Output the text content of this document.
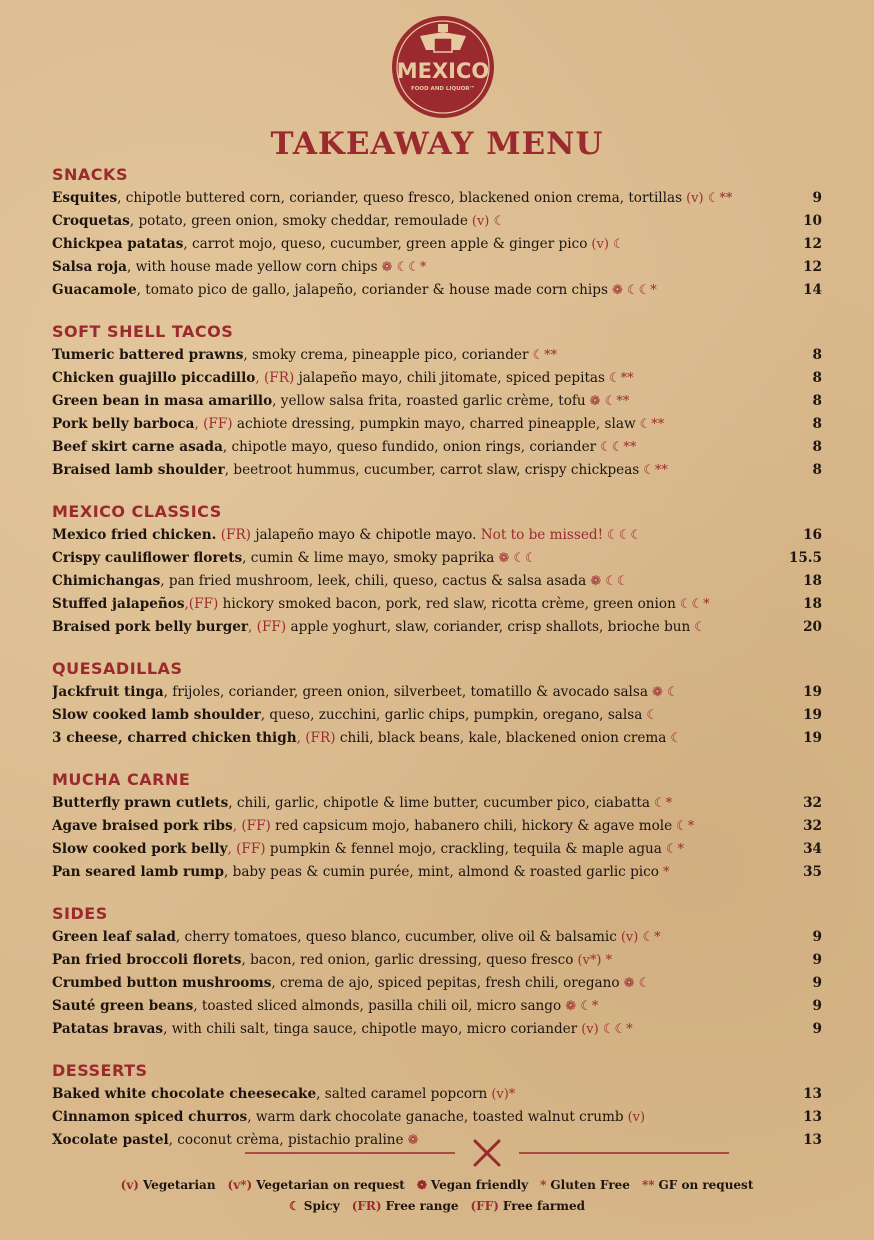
MEXICO
FOOD AND LIQUOR™
TAKEAWAY MENU
SNACKS
Esquites, chipotle buttered corn, coriander, queso fresco, blackened onion crema, tortillas (v) ☾**	9
Croquetas, potato, green onion, smoky cheddar, remoulade (v) ☾	10
Chickpea patatas, carrot mojo, queso, cucumber, green apple & ginger pico (v) ☾	12
Salsa roja, with house made yellow corn chips ❁ ☾☾*	12
Guacamole, tomato pico de gallo, jalapeño, coriander & house made corn chips ❁ ☾☾*	14
SOFT SHELL TACOS
Tumeric battered prawns, smoky crema, pineapple pico, coriander ☾**	8
Chicken guajillo piccadillo, (FR) jalapeño mayo, chili jitomate, spiced pepitas ☾**	8
Green bean in masa amarillo, yellow salsa frita, roasted garlic crème, tofu ❁ ☾**	8
Pork belly barboca, (FF) achiote dressing, pumpkin mayo, charred pineapple, slaw ☾**	8
Beef skirt carne asada, chipotle mayo, queso fundido, onion rings, coriander ☾☾**	8
Braised lamb shoulder, beetroot hummus, cucumber, carrot slaw, crispy chickpeas ☾**	8
MEXICO CLASSICS
Mexico fried chicken. (FR) jalapeño mayo & chipotle mayo. Not to be missed! ☾☾☾	16
Crispy cauliflower florets, cumin & lime mayo, smoky paprika ❁ ☾☾	15.5
Chimichangas, pan fried mushroom, leek, chili, queso, cactus & salsa asada ❁ ☾☾	18
Stuffed jalapeños,(FF) hickory smoked bacon, pork, red slaw, ricotta crème, green onion ☾☾*	18
Braised pork belly burger, (FF) apple yoghurt, slaw, coriander, crisp shallots, brioche bun ☾	20
QUESADILLAS
Jackfruit tinga, frijoles, coriander, green onion, silverbeet, tomatillo & avocado salsa ❁ ☾	19
Slow cooked lamb shoulder, queso, zucchini, garlic chips, pumpkin, oregano, salsa ☾	19
3 cheese, charred chicken thigh, (FR) chili, black beans, kale, blackened onion crema ☾	19
MUCHA CARNE
Butterfly prawn cutlets, chili, garlic, chipotle & lime butter, cucumber pico, ciabatta ☾*	32
Agave braised pork ribs, (FF) red capsicum mojo, habanero chili, hickory & agave mole ☾*	32
Slow cooked pork belly, (FF) pumpkin & fennel mojo, crackling, tequila & maple agua ☾*	34
Pan seared lamb rump, baby peas & cumin purée, mint, almond & roasted garlic pico *	35
SIDES
Green leaf salad, cherry tomatoes, queso blanco, cucumber, olive oil & balsamic (v) ☾*	9
Pan fried broccoli florets, bacon, red onion, garlic dressing, queso fresco (v*) *	9
Crumbed button mushrooms, crema de ajo, spiced pepitas, fresh chili, oregano ❁ ☾	9
Sauté green beans, toasted sliced almonds, pasilla chili oil, micro sango ❁ ☾*	9
Patatas bravas, with chili salt, tinga sauce, chipotle mayo, micro coriander (v) ☾☾*	9
DESSERTS
Baked white chocolate cheesecake, salted caramel popcorn (v)*	13
Cinnamon spiced churros, warm dark chocolate ganache, toasted walnut crumb (v)	13
Xocolate pastel, coconut crèma, pistachio praline ❁	13
(v) Vegetarian (v*) Vegetarian on request ❁ Vegan friendly * Gluten Free ** GF on request
☾ Spicy (FR) Free range (FF) Free farmed
